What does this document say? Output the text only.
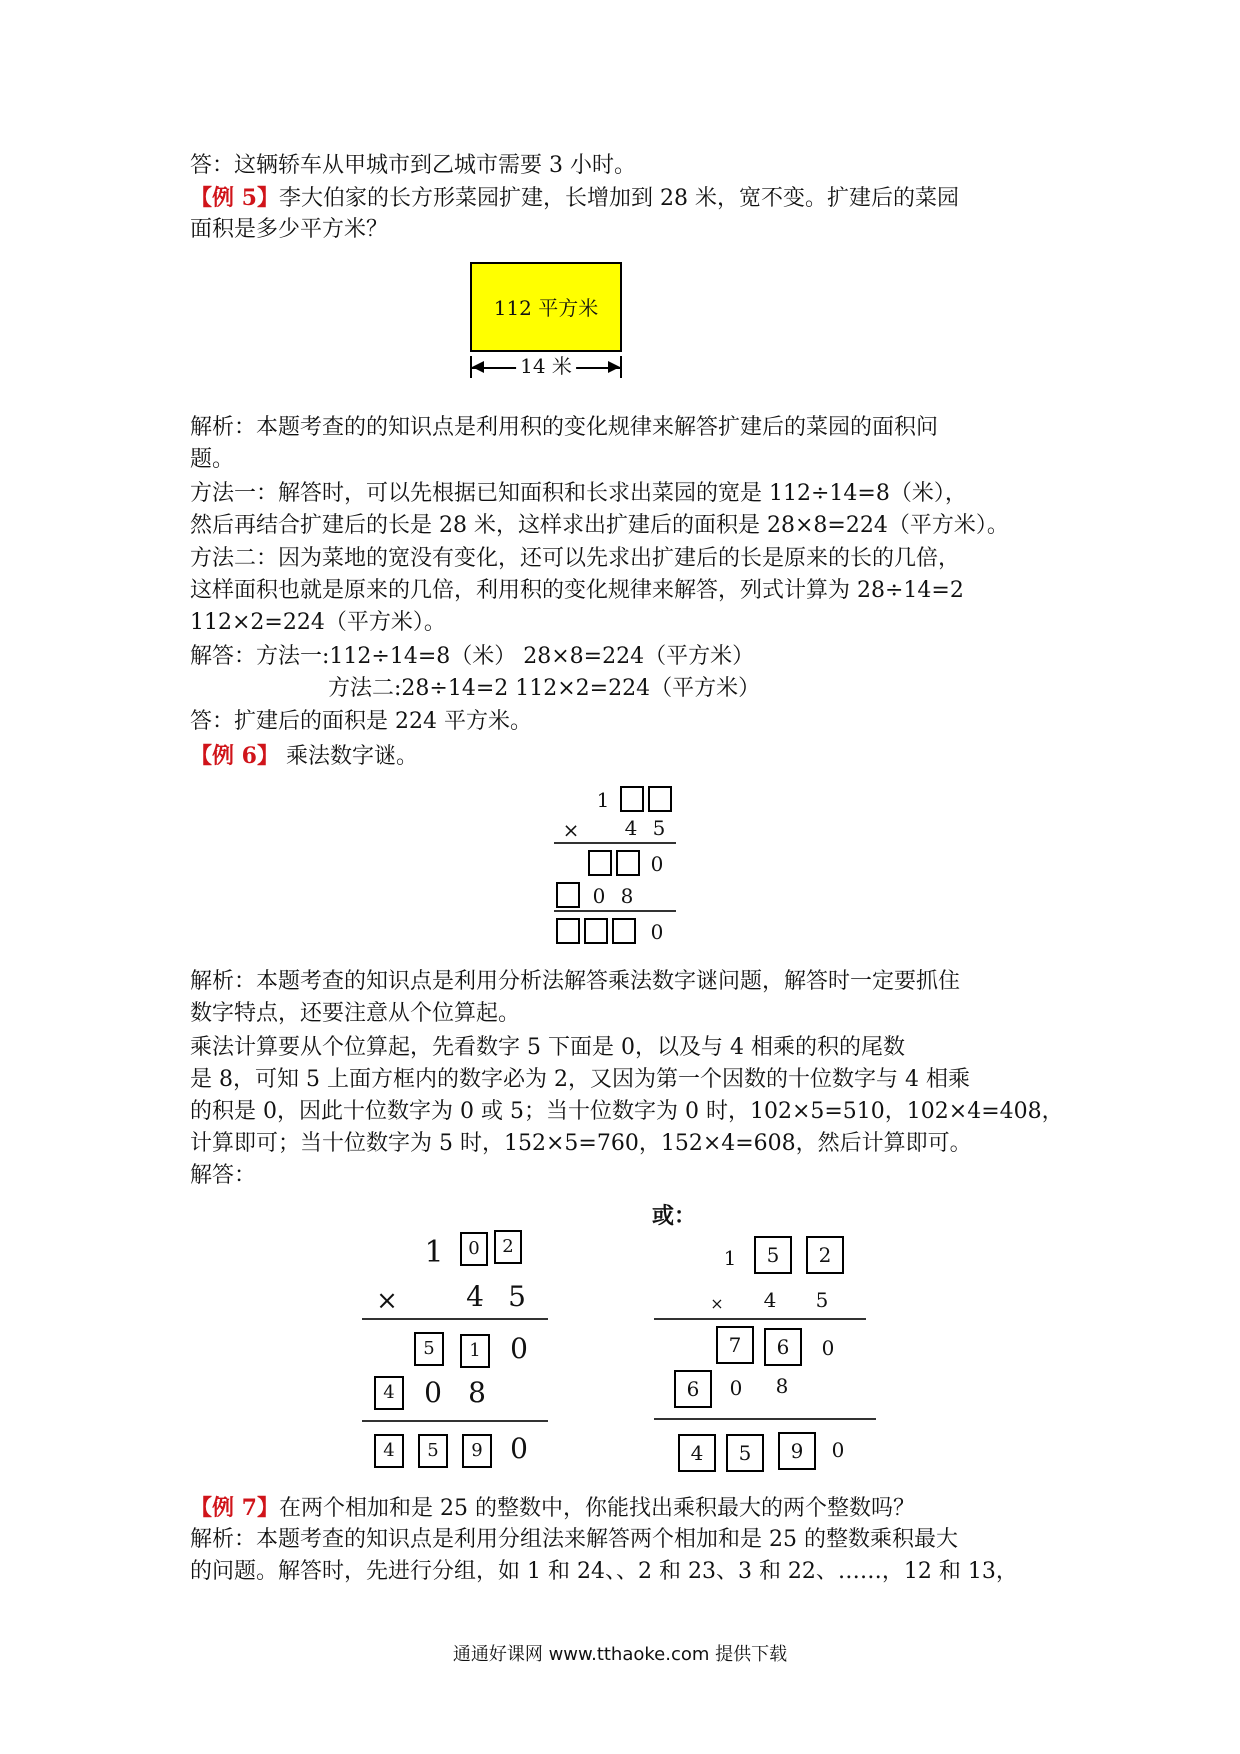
答：这辆轿车从甲城市到乙城市需要 3 小时。
【例 5】李大伯家的长方形菜园扩建，长增加到 28 米，宽不变。扩建后的菜园
面积是多少平方米？
112 平方米
14 米
解析：本题考查的的知识点是利用积的变化规律来解答扩建后的菜园的面积问
题。
方法一：解答时，可以先根据已知面积和长求出菜园的宽是 112÷14=8（米），
然后再结合扩建后的长是 28 米，这样求出扩建后的面积是 28×8=224（平方米）。
方法二：因为菜地的宽没有变化，还可以先求出扩建后的长是原来的长的几倍，
这样面积也就是原来的几倍，利用积的变化规律来解答，列式计算为 28÷14=2
112×2=224（平方米）。
解答：方法一:112÷14=8（米） 28×8=224（平方米）
方法二:28÷14=2 112×2=224（平方米）
答：扩建后的面积是 224 平方米。
【例 6】 乘法数字谜。
1
× 4 5
0
0 8
0
解析：本题考查的知识点是利用分析法解答乘法数字谜问题，解答时一定要抓住
数字特点，还要注意从个位算起。
乘法计算要从个位算起，先看数字 5 下面是 0，以及与 4 相乘的积的尾数
是 8，可知 5 上面方框内的数字必为 2，又因为第一个因数的十位数字与 4 相乘
的积是 0，因此十位数字为 0 或 5；当十位数字为 0 时，102×5=510，102×4=408，
计算即可；当十位数字为 5 时，152×5=760，152×4=608，然后计算即可。
解答：
1	0	2
× 4 5
5	1	0
4	0 8
4	5	9 0
或：
1	5	2
× 4 5
7	6	0
6	0 8
4	5	9	0
【例 7】在两个相加和是 25 的整数中，你能找出乘积最大的两个整数吗？
解析：本题考查的知识点是利用分组法来解答两个相加和是 25 的整数乘积最大
的问题。解答时，先进行分组，如 1 和 24、、2 和 23、3 和 22、……，12 和 13，
通通好课网 www.tthaoke.com 提供下载
